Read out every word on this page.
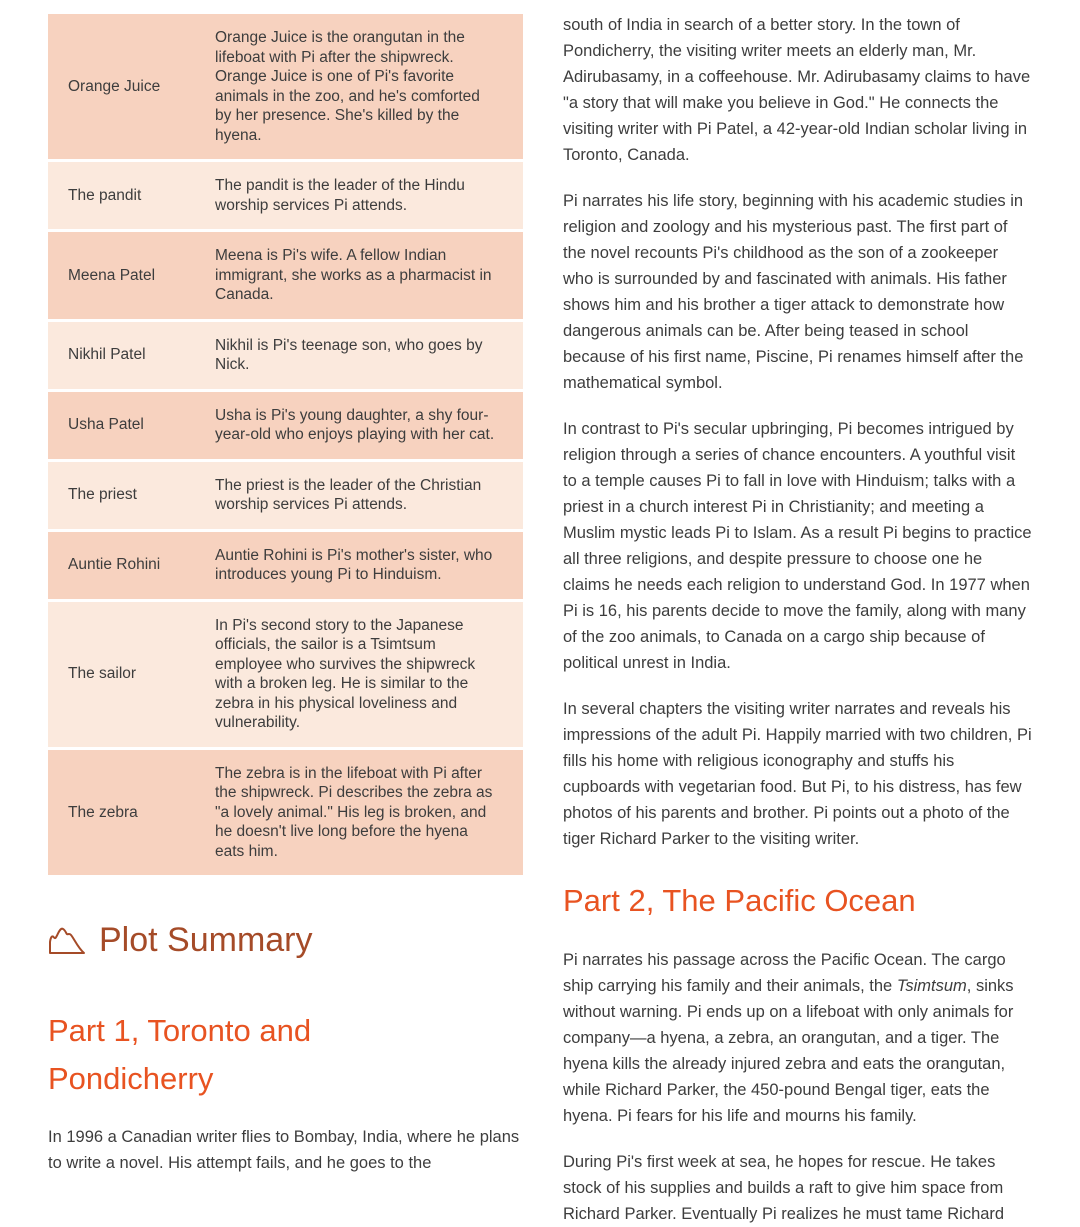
Orange Juice
Orange Juice is the orangutan in the lifeboat with Pi after the shipwreck. Orange Juice is one of Pi's favorite animals in the zoo, and he's comforted by her presence. She's killed by the hyena.
The pandit
The pandit is the leader of the Hindu worship services Pi attends.
Meena Patel
Meena is Pi's wife. A fellow Indian immigrant, she works as a pharmacist in Canada.
Nikhil Patel
Nikhil is Pi's teenage son, who goes by Nick.
Usha Patel
Usha is Pi's young daughter, a shy four-year-old who enjoys playing with her cat.
The priest
The priest is the leader of the Christian worship services Pi attends.
Auntie Rohini
Auntie Rohini is Pi's mother's sister, who introduces young Pi to Hinduism.
The sailor
In Pi's second story to the Japanese officials, the sailor is a Tsimtsum employee who survives the shipwreck with a broken leg. He is similar to the zebra in his physical loveliness and vulnerability.
The zebra
The zebra is in the lifeboat with Pi after the shipwreck. Pi describes the zebra as "a lovely animal." His leg is broken, and he doesn't live long before the hyena eats him.
Plot Summary
Part 1, Toronto and Pondicherry

In 1996 a Canadian writer flies to Bombay, India, where he plans to write a novel. His attempt fails, and he goes to the

south of India in search of a better story. In the town of Pondicherry, the visiting writer meets an elderly man, Mr. Adirubasamy, in a coffeehouse. Mr. Adirubasamy claims to have "a story that will make you believe in God." He connects the visiting writer with Pi Patel, a 42-year-old Indian scholar living in Toronto, Canada.

Pi narrates his life story, beginning with his academic studies in religion and zoology and his mysterious past. The first part of the novel recounts Pi's childhood as the son of a zookeeper who is surrounded by and fascinated with animals. His father shows him and his brother a tiger attack to demonstrate how dangerous animals can be. After being teased in school because of his first name, Piscine, Pi renames himself after the mathematical symbol.

In contrast to Pi's secular upbringing, Pi becomes intrigued by religion through a series of chance encounters. A youthful visit to a temple causes Pi to fall in love with Hinduism; talks with a priest in a church interest Pi in Christianity; and meeting a Muslim mystic leads Pi to Islam. As a result Pi begins to practice all three religions, and despite pressure to choose one he claims he needs each religion to understand God. In 1977 when Pi is 16, his parents decide to move the family, along with many of the zoo animals, to Canada on a cargo ship because of political unrest in India.

In several chapters the visiting writer narrates and reveals his impressions of the adult Pi. Happily married with two children, Pi fills his home with religious iconography and stuffs his cupboards with vegetarian food. But Pi, to his distress, has few photos of his parents and brother. Pi points out a photo of the tiger Richard Parker to the visiting writer.

Part 2, The Pacific Ocean

Pi narrates his passage across the Pacific Ocean. The cargo ship carrying his family and their animals, the Tsimtsum, sinks without warning. Pi ends up on a lifeboat with only animals for company—a hyena, a zebra, an orangutan, and a tiger. The hyena kills the already injured zebra and eats the orangutan, while Richard Parker, the 450-pound Bengal tiger, eats the hyena. Pi fears for his life and mourns his family.

During Pi's first week at sea, he hopes for rescue. He takes stock of his supplies and builds a raft to give him space from Richard Parker. Eventually Pi realizes he must tame Richard
